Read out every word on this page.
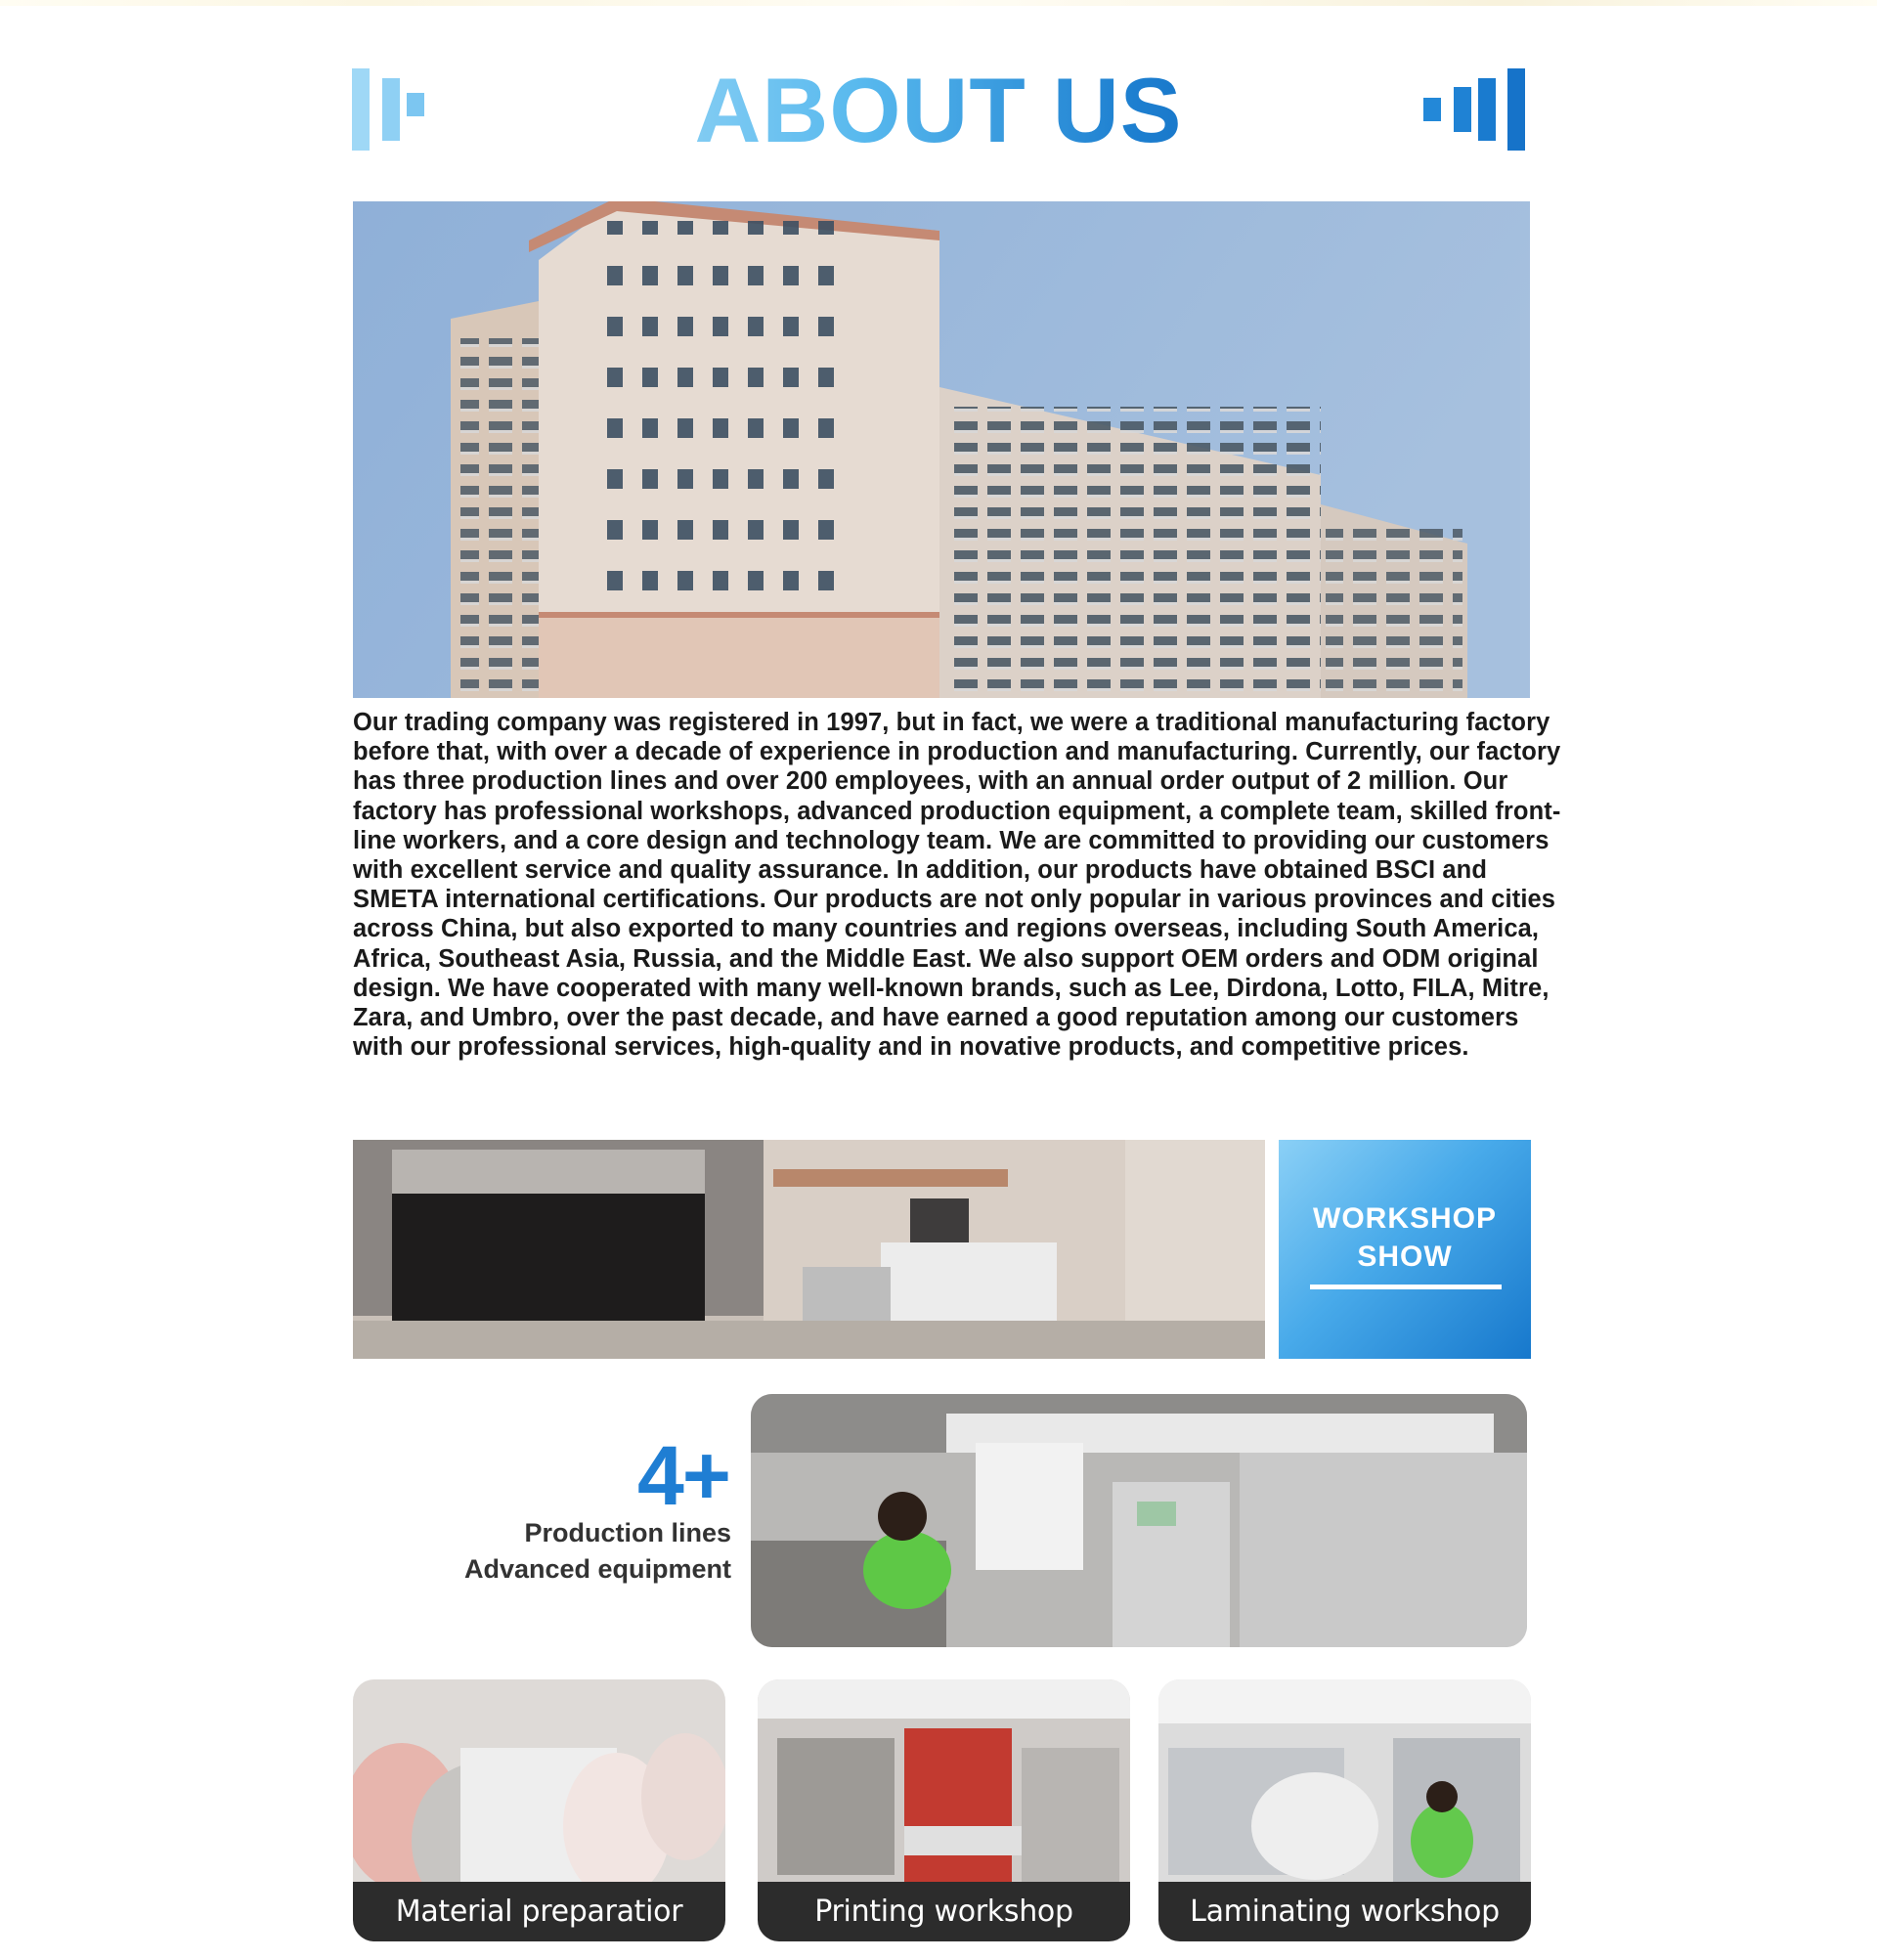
ABOUT US

Our trading company was registered in 1997, but in fact, we were a traditional manufacturing factory before that, with over a decade of experience in production and manufacturing. Currently, our factory has three production lines and over 200 employees, with an annual order output of 2 million. Our factory has professional workshops, advanced production equipment, a complete team, skilled front-line workers, and a core design and technology team. We are committed to providing our customers with excellent service and quality assurance. In addition, our products have obtained BSCI and SMETA international certifications. Our products are not only popular in various provinces and cities across China, but also exported to many countries and regions overseas, including South America, Africa, Southeast Asia, Russia, and the Middle East. We also support OEM orders and ODM original design. We have cooperated with many well-known brands, such as Lee, Dirdona, Lotto, FILA, Mitre, Zara, and Umbro, over the past decade, and have earned a good reputation among our customers with our professional services, high-quality and in novative products, and competitive prices.

WORKSHOP
SHOW
4+
Production lines
Advanced equipment
Material preparatior	Printing workshop	Laminating workshop
